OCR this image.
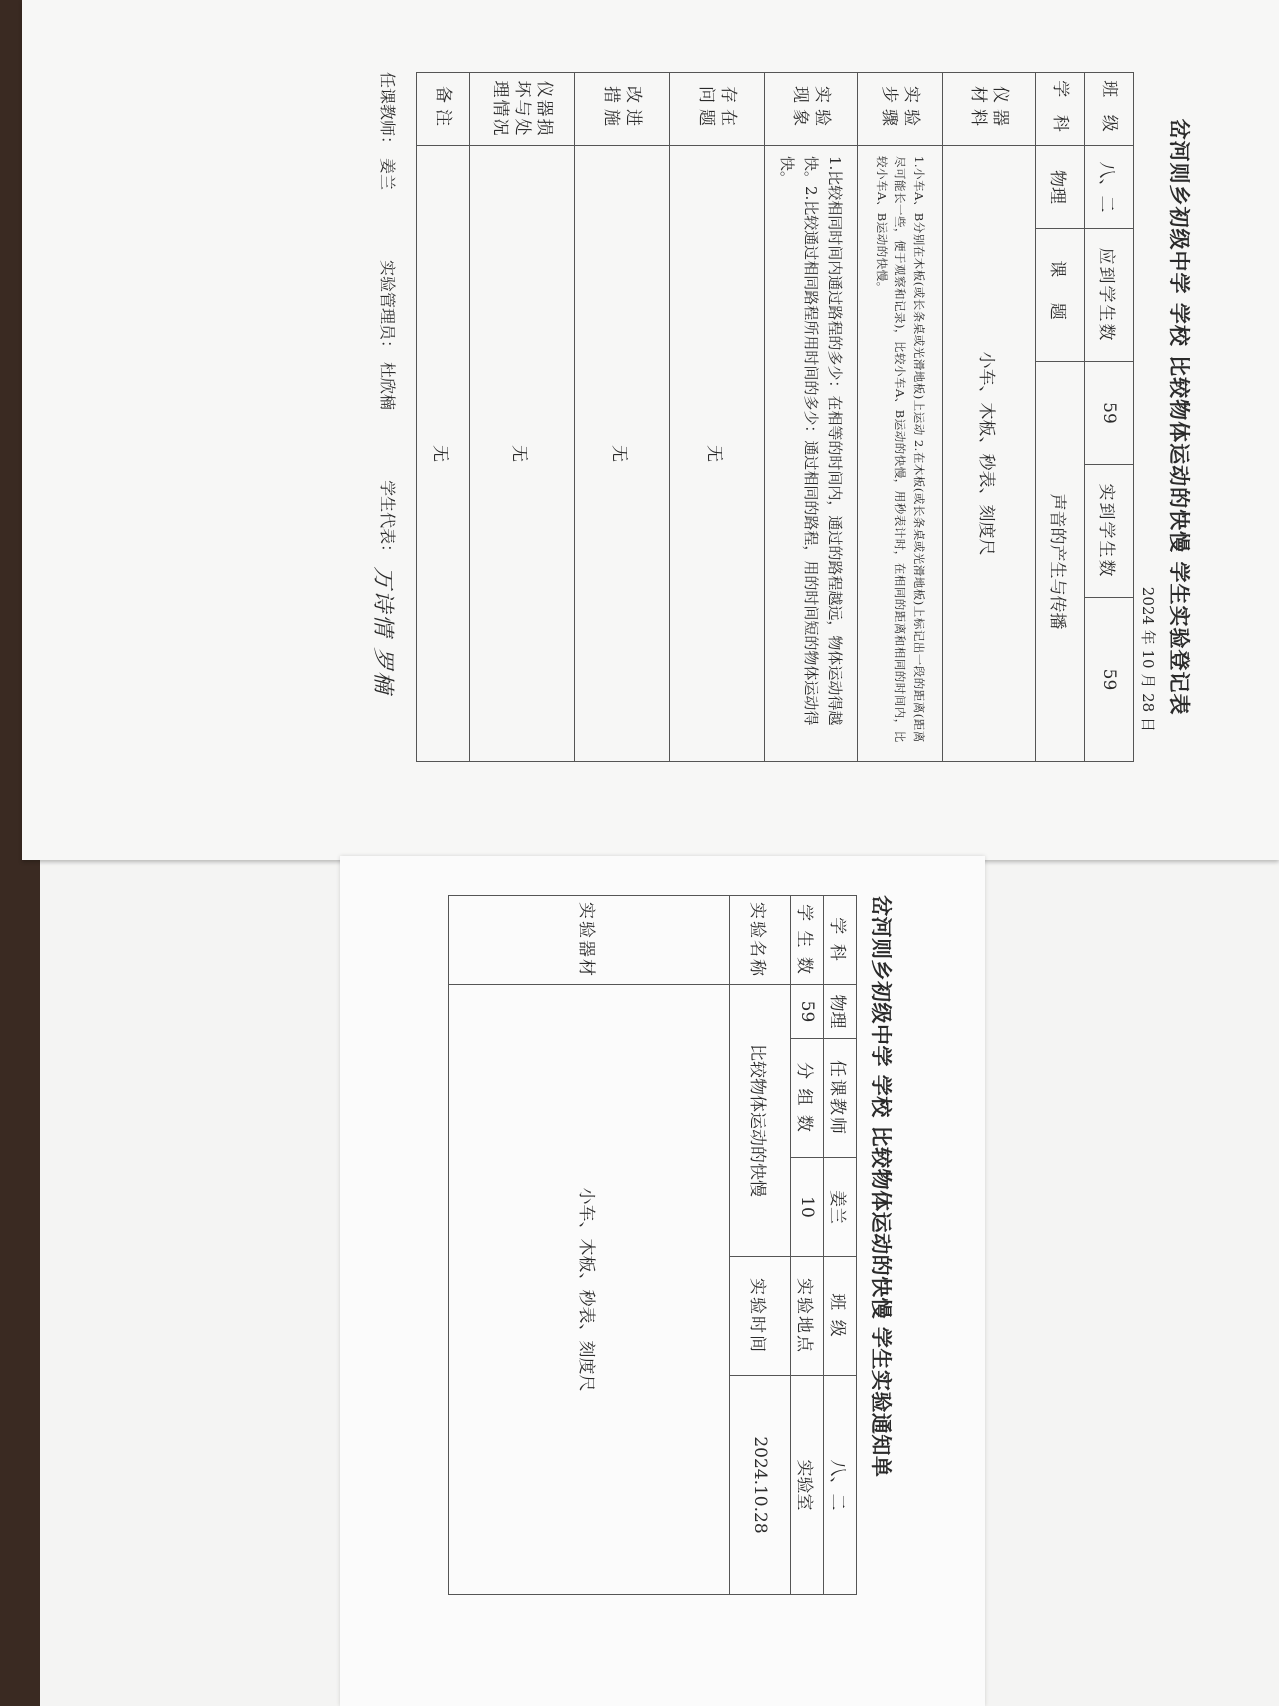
岔河则乡初级中学 学校 比较物体运动的快慢 学生实验登记表
2024 年 10 月 28 日
班 级	八、二	应到学生数	59	实到学生数	59
学 科	物理	课 题	声音的产生与传播		
仪器材料	小车、木板、秒表、刻度尺				
实验步骤	1.小车A、B分别在木板(或长条桌或光滑地板)上运动 2.在木板(或长条桌或光滑地板)上标记出一段的距离(距离尽可能长一些，便于观察和记录)，比较小车A、B运动的快慢，用秒表计时，在相同的距离和相同的时间内，比较小车A、B运动的快慢。				
实验现象	1.比较相同时间内通过路程的多少：在相等的时间内，通过的路程越远，物体运动得越快。2.比较通过相同路程所用时间的多少：通过相同的路程，用的时间短的物体运动得快。				
存在问题	无				
改进措施	无				
仪器损坏与处理情况	无				
备注	无				
任课教师：
姜兰
实验管理员：
杜欣楠
学生代表：
万诗情 罗楠
岔河则乡初级中学 学校 比较物体运动的快慢 学生实验通知单
学 科	物理	任课教师	姜兰	班 级	八、二
学 生 数	59	分 组 数	10	实验地点	实验室
实验名称	比较物体运动的快慢			实验时间	2024.10.28
实验器材	小车、木板、秒表、刻度尺				
